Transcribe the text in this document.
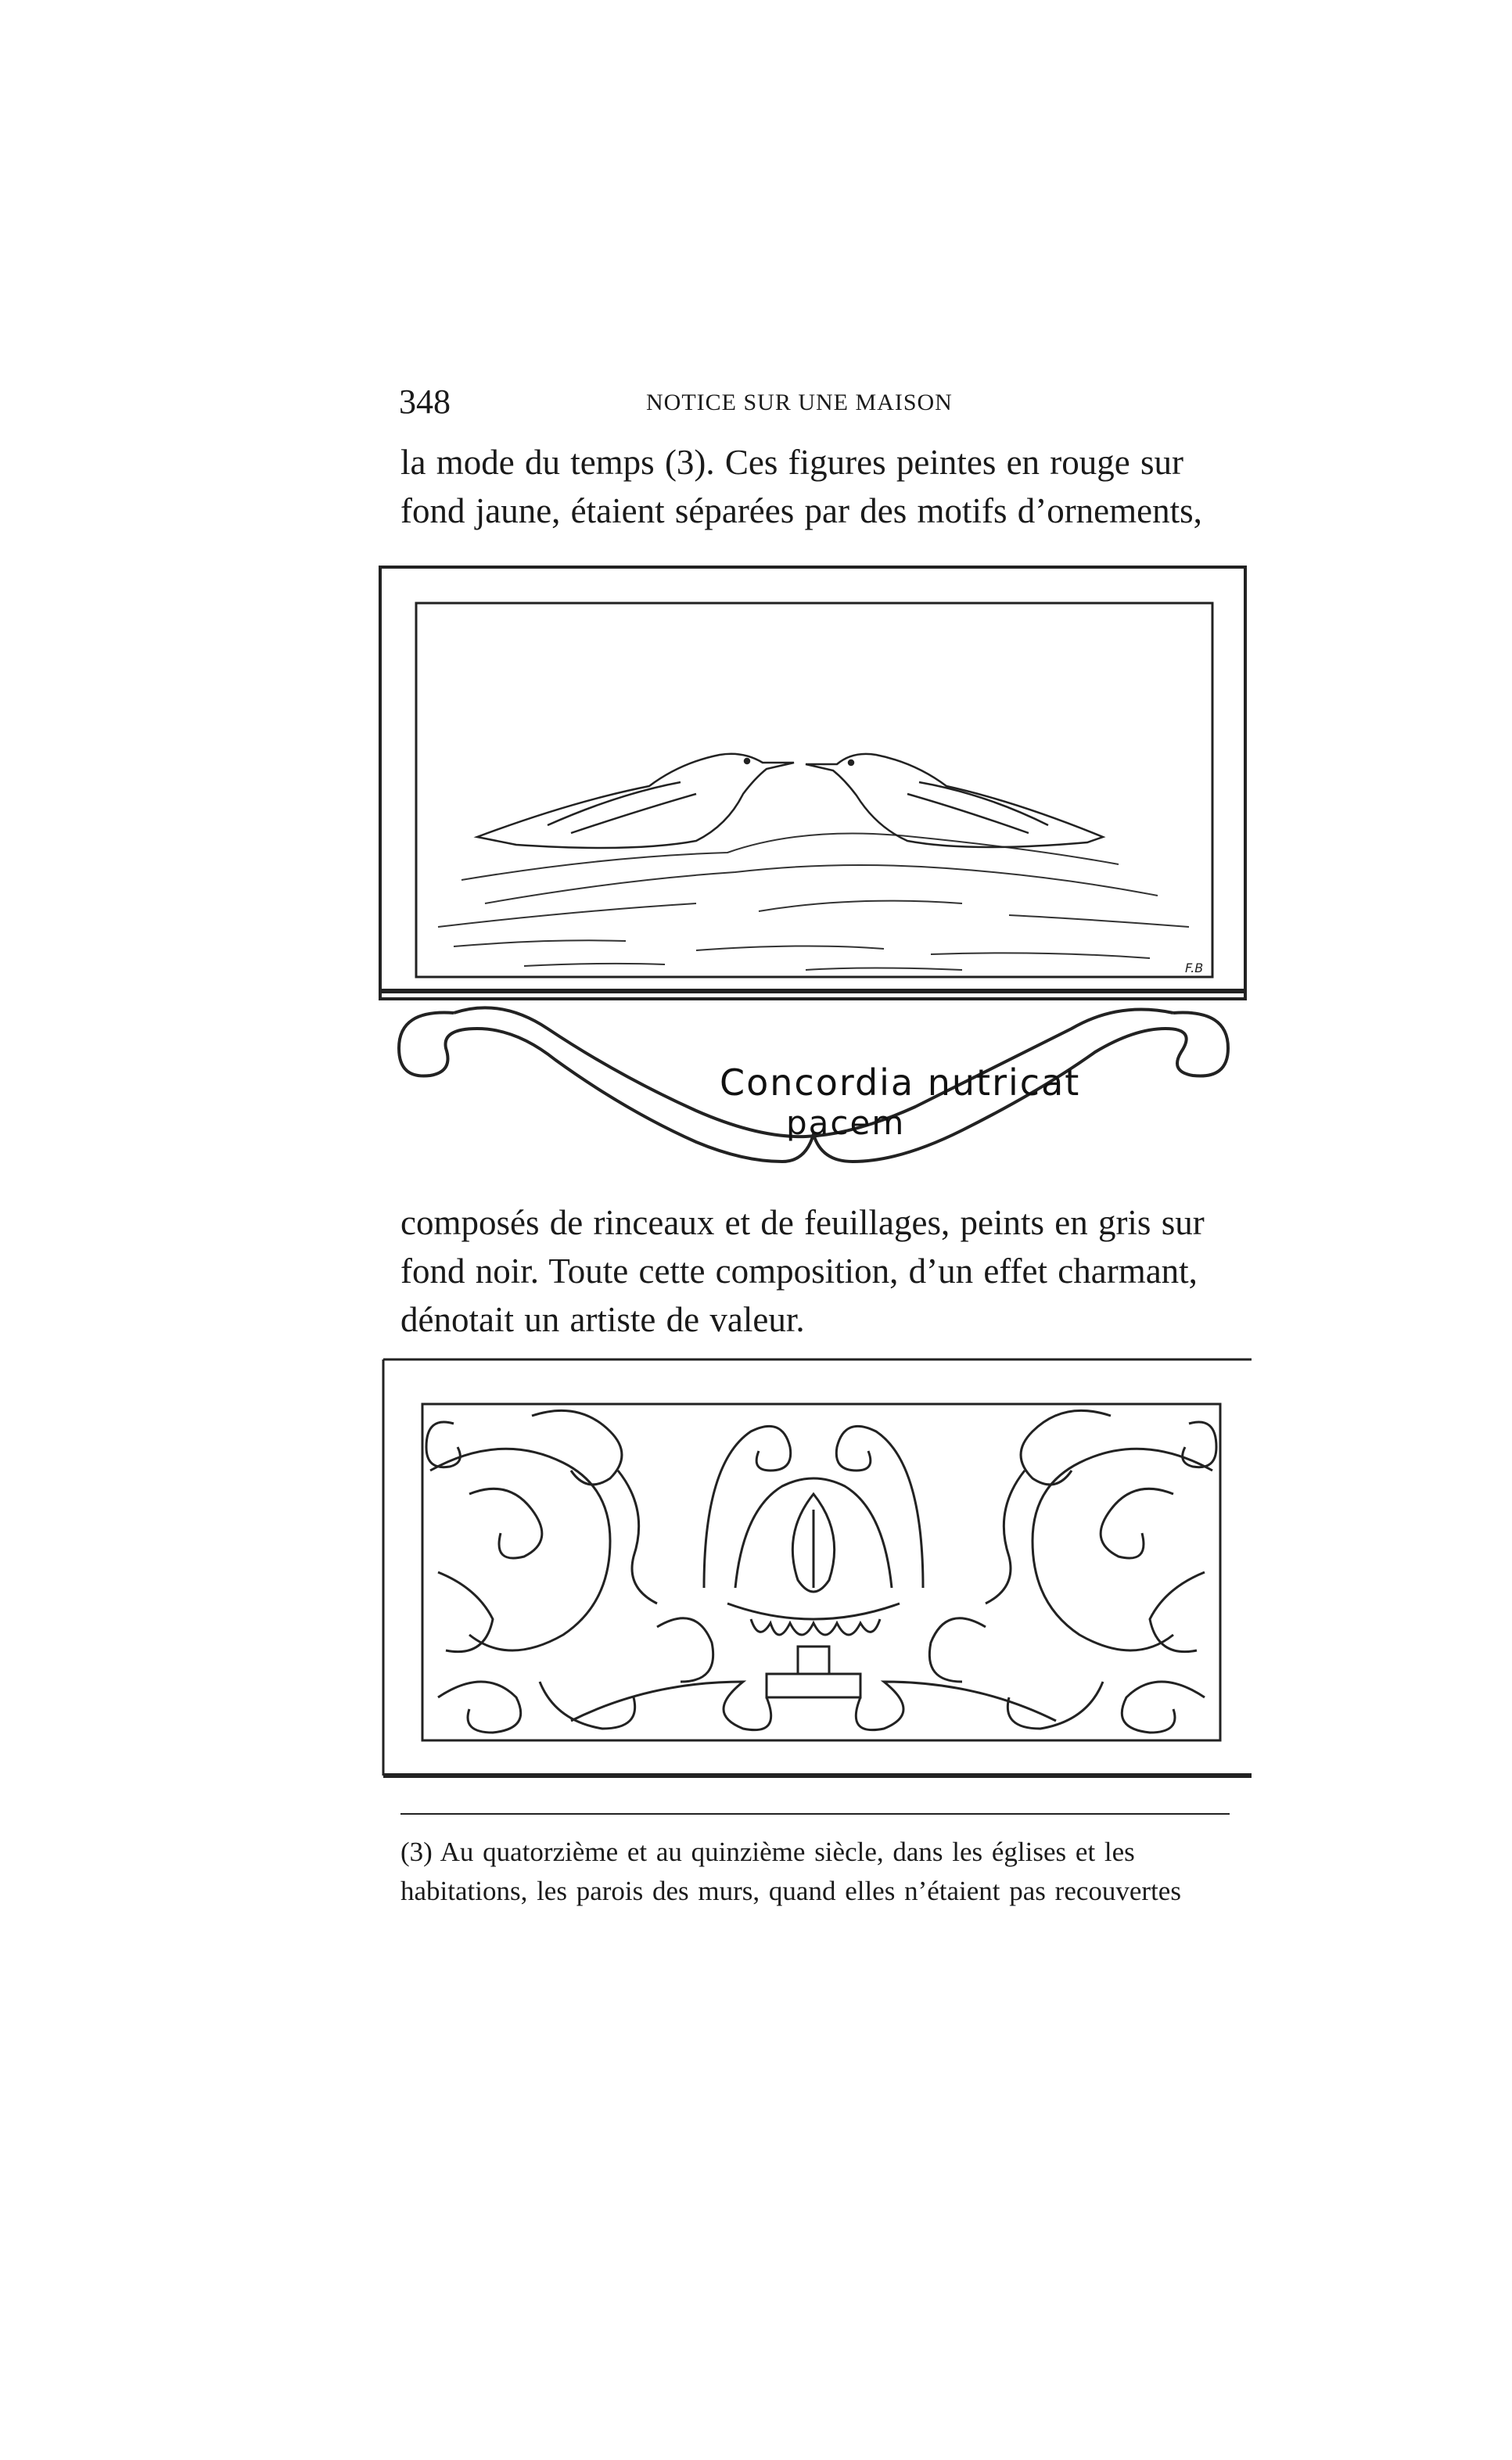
348	NOTICE SUR UNE MAISON
la mode du temps (3). Ces figures peintes en rouge sur
fond jaune, étaient séparées par des motifs d’ornements,
F.B
Concordia nutricat
pacem
composés de rinceaux et de feuillages, peints en gris sur
fond noir. Toute cette composition, d’un effet charmant,
dénotait un artiste de valeur.
(3) Au quatorzième et au quinzième siècle, dans les églises et les
habitations, les parois des murs, quand elles n’étaient pas recouvertes
